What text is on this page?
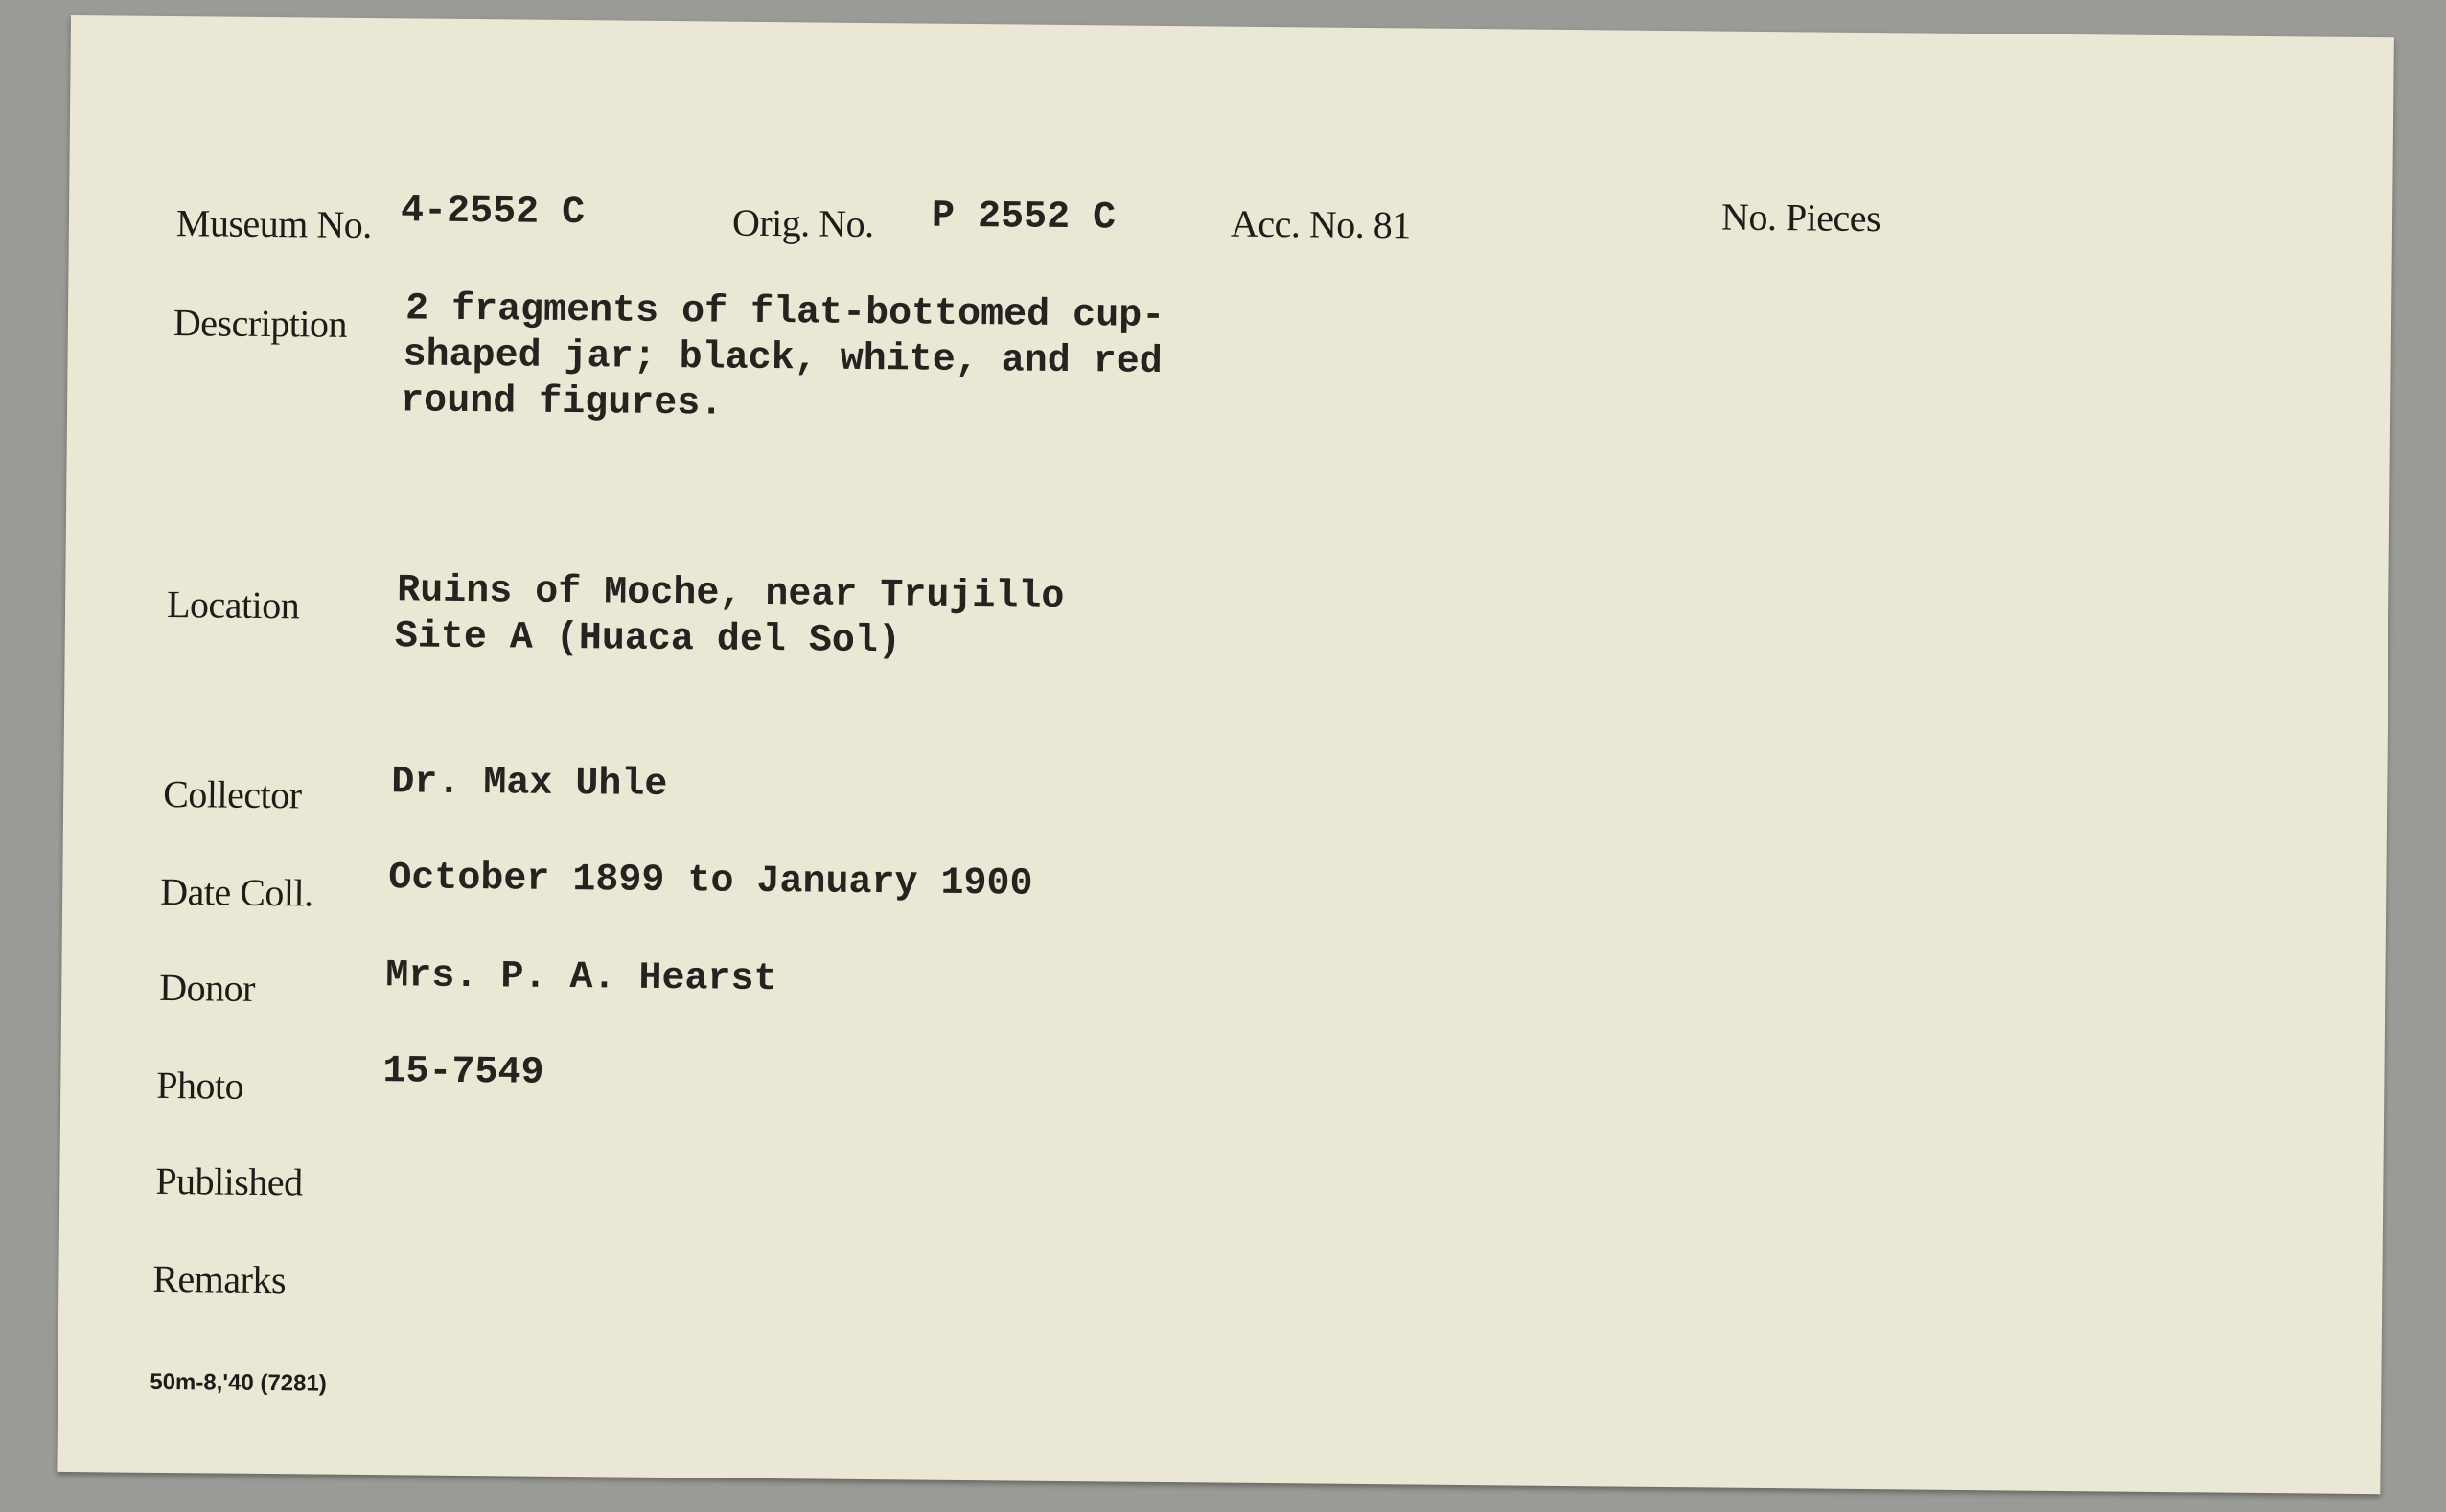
Museum No. 4-2552 C	Orig. No. P 2552 C	Acc. No. 81	No. Pieces
Description 2 fragments of flat-bottomed cup-
shaped jar; black, white, and red
round figures.
Location	Ruins of Moche, near Trujillo
Site A (Huaca del Sol)
Collector Dr. Max Uhle
Date Coll. October 1899 to January 1900
Donor	Mrs. P. A. Hearst
Photo	15-7549
Published
Remarks
50m-8,'40 (7281)
